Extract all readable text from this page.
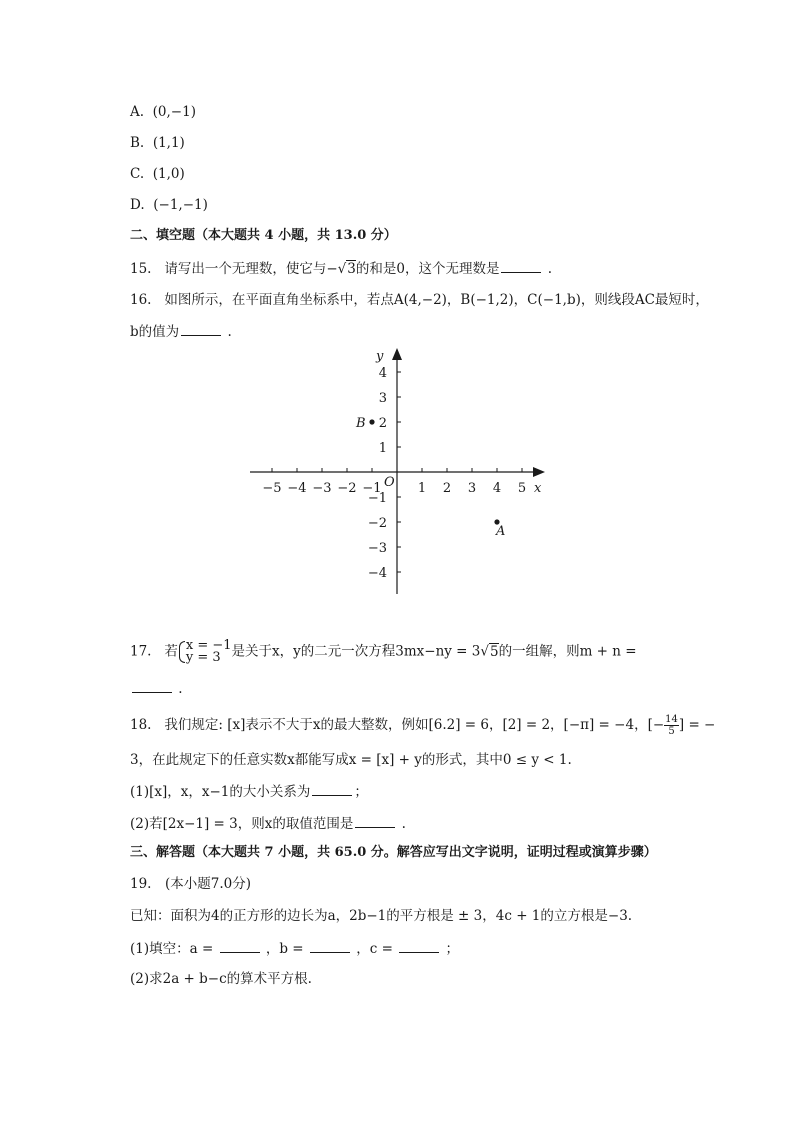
A. (0,−1)
B. (1,1)
C. (1,0)
D. (−1,−1)
二、填空题（本大题共 4 小题，共 13.0 分）
15. 请写出一个无理数，使它与−√3的和是0，这个无理数是	.
16. 如图所示，在平面直角坐标系中，若点A(4,−2)，B(−1,2)，C(−1,b)，则线段AC最短时，
b的值为	.
x
y
O
−5 −4 −3 −2 −1	1 2 3 4 5
4
3
2
1
−1
−2
−3
−4
A
B
17. 若 x = −1
y = 3 是关于x，y的二元一次方程3mx−ny = 3√5的一组解，则m + n =
.
18. 我们规定: [x]表示不大于x的最大整数，例如[6.2] = 6，[2] = 2，[−π] = −4，[− $\frac{14}{5}$ ] = −
3，在此规定下的任意实数x都能写成x = [x] + y的形式，其中0 ≤ y < 1.
(1)[x]，x，x−1的大小关系为	；
(2)若[2x−1] = 3，则x的取值范围是	.
三、解答题（本大题共 7 小题，共 65.0 分。解答应写出文字说明，证明过程或演算步骤）
19.　(本小题7.0分)
已知：面积为4的正方形的边长为a，2b−1的平方根是 ± 3，4c + 1的立方根是−3.
(1)填空：a =	，b =	，c =	；
(2)求2a + b−c的算术平方根.
